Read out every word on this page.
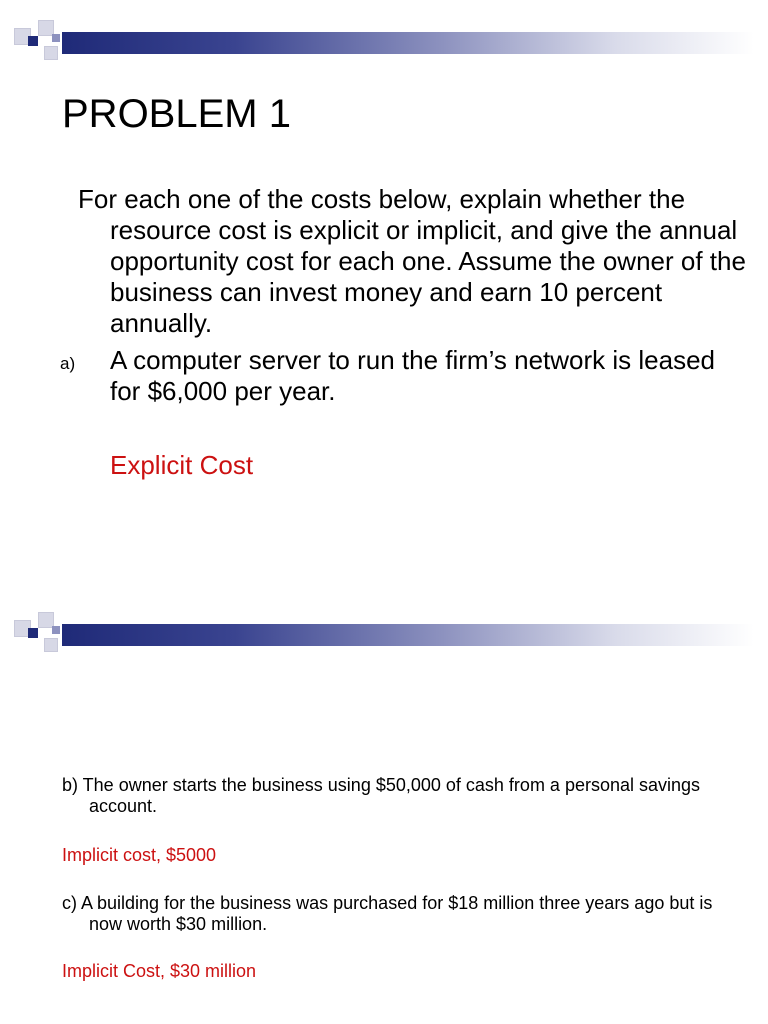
PROBLEM 1

For each one of the costs below, explain whether the resource cost is explicit or implicit, and give the annual opportunity cost for each one. Assume the owner of the business can invest money and earn 10 percent annually.

a) A computer server to run the firm’s network is leased for $6,000 per year.
Explicit Cost

b) The owner starts the business using $50,000 of cash from a personal savings account.

Implicit cost, $5000

c) A building for the business was purchased for $18 million three years ago but is now worth $30 million.

Implicit Cost, $30 million
